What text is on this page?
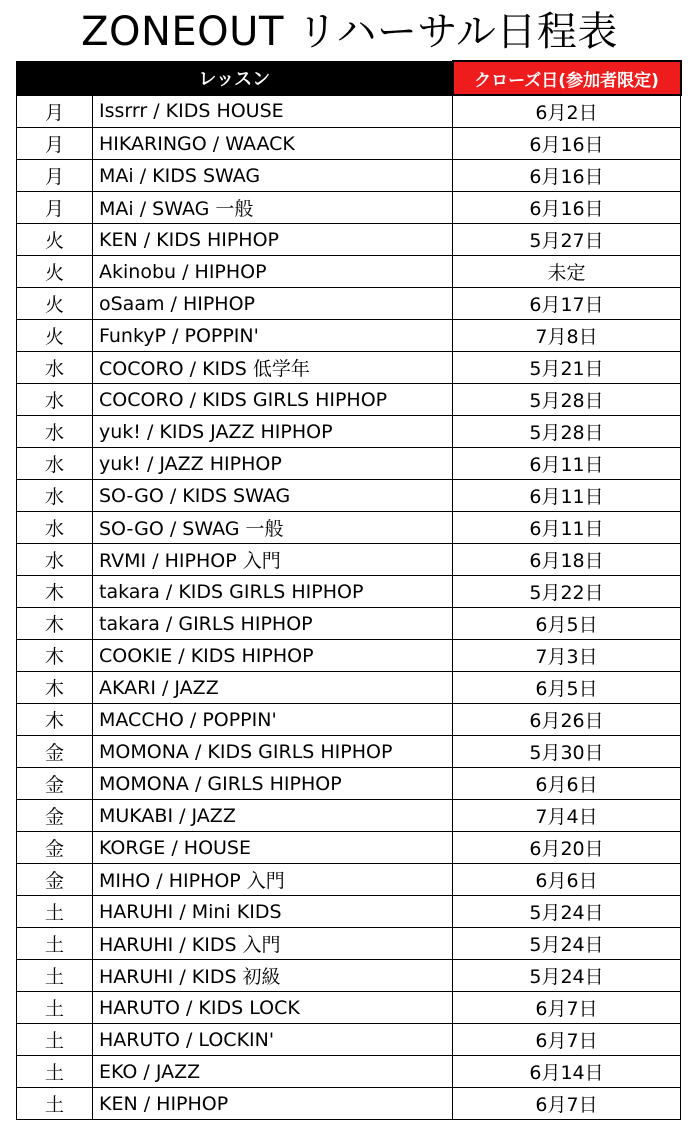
ZONEOUT リハーサル日程表
レッスン		クローズ日(参加者限定)
月	Issrrr / KIDS HOUSE	6月2日
月	HIKARINGO / WAACK	6月16日
月	MAi / KIDS SWAG	6月16日
月	MAi / SWAG 一般	6月16日
火	KEN / KIDS HIPHOP	5月27日
火	Akinobu / HIPHOP	未定
火	oSaam / HIPHOP	6月17日
火	FunkyP / POPPIN'	7月8日
水	COCORO / KIDS 低学年	5月21日
水	COCORO / KIDS GIRLS HIPHOP	5月28日
水	yuk! / KIDS JAZZ HIPHOP	5月28日
水	yuk! / JAZZ HIPHOP	6月11日
水	SO-GO / KIDS SWAG	6月11日
水	SO-GO / SWAG 一般	6月11日
水	RVMI / HIPHOP 入門	6月18日
木	takara / KIDS GIRLS HIPHOP	5月22日
木	takara / GIRLS HIPHOP	6月5日
木	COOKIE / KIDS HIPHOP	7月3日
木	AKARI / JAZZ	6月5日
木	MACCHO / POPPIN'	6月26日
金	MOMONA / KIDS GIRLS HIPHOP	5月30日
金	MOMONA / GIRLS HIPHOP	6月6日
金	MUKABI / JAZZ	7月4日
金	KORGE / HOUSE	6月20日
金	MIHO / HIPHOP 入門	6月6日
土	HARUHI / Mini KIDS	5月24日
土	HARUHI / KIDS 入門	5月24日
土	HARUHI / KIDS 初級	5月24日
土	HARUTO / KIDS LOCK	6月7日
土	HARUTO / LOCKIN'	6月7日
土	EKO / JAZZ	6月14日
土	KEN / HIPHOP	6月7日
